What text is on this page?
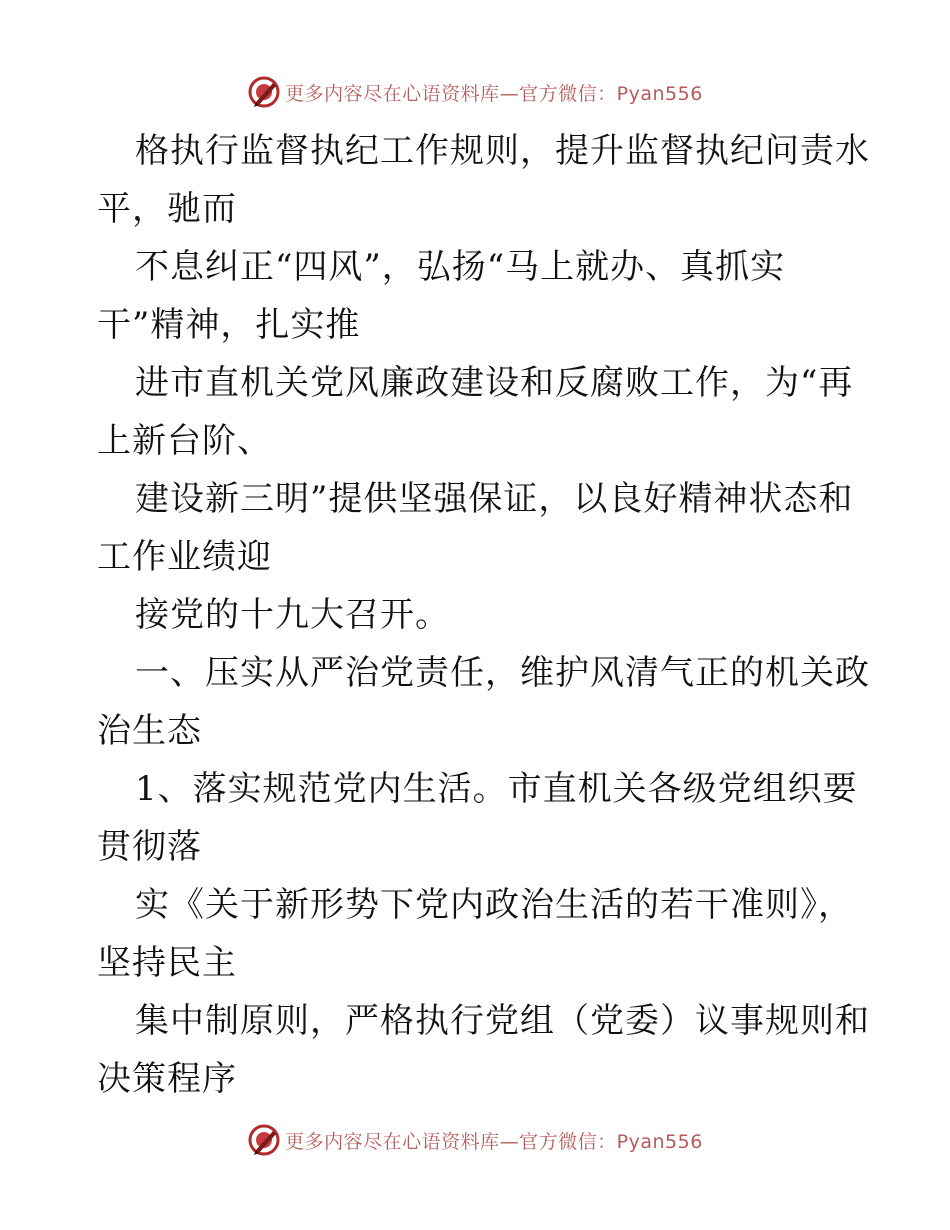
更多内容尽在心语资料库—官方微信：Pyan556
格执行监督执纪工作规则，提升监督执纪问责水
平，驰而
不息纠正“四风”，弘扬“马上就办、真抓实
干”精神，扎实推
进市直机关党风廉政建设和反腐败工作，为“再
上新台阶、
建设新三明”提供坚强保证，以良好精神状态和
工作业绩迎
接党的十九大召开。
一、压实从严治党责任，维护风清气正的机关政
治生态
1、落实规范党内生活。市直机关各级党组织要
贯彻落
实《关于新形势下党内政治生活的若干准则》，
坚持民主
集中制原则，严格执行党组（党委）议事规则和
决策程序
更多内容尽在心语资料库—官方微信：Pyan556
